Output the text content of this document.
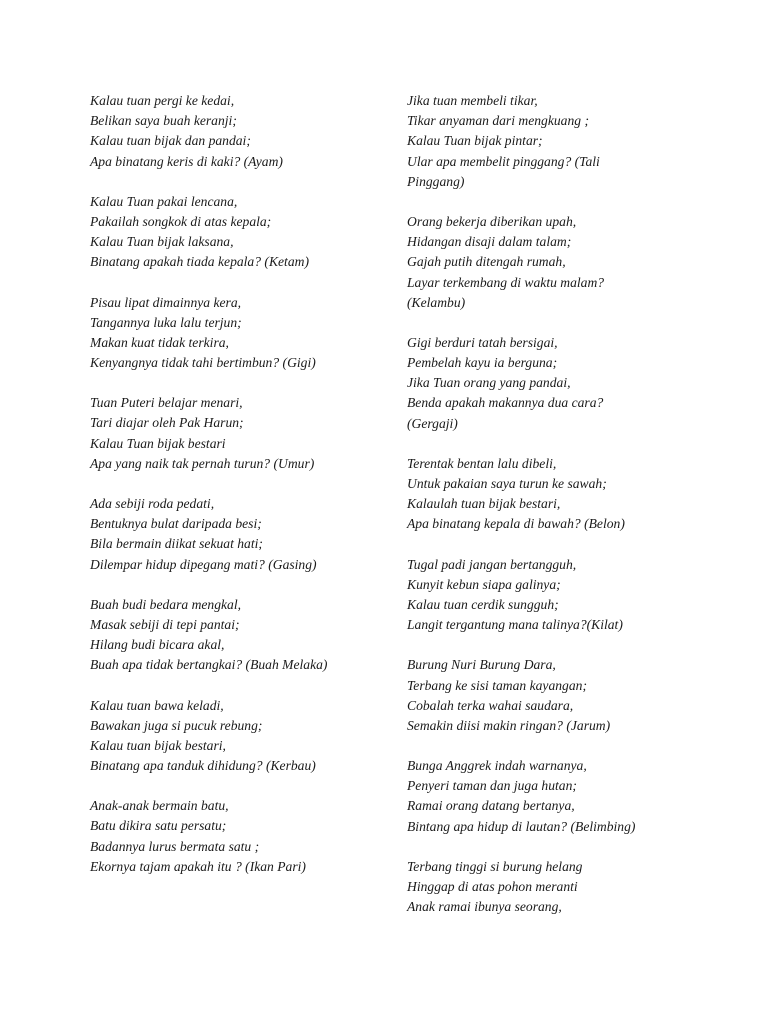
Kalau tuan pergi ke kedai,
Belikan saya buah keranji;
Kalau tuan bijak dan pandai;
Apa binatang keris di kaki? (Ayam)
Kalau Tuan pakai lencana,
Pakailah songkok di atas kepala;
Kalau Tuan bijak laksana,
Binatang apakah tiada kepala? (Ketam)
Pisau lipat dimainnya kera,
Tangannya luka lalu terjun;
Makan kuat tidak terkira,
Kenyangnya tidak tahi bertimbun? (Gigi)
Tuan Puteri belajar menari,
Tari diajar oleh Pak Harun;
Kalau Tuan bijak bestari
Apa yang naik tak pernah turun? (Umur)
Ada sebiji roda pedati,
Bentuknya bulat daripada besi;
Bila bermain diikat sekuat hati;
Dilempar hidup dipegang mati? (Gasing)
Buah budi bedara mengkal,
Masak sebiji di tepi pantai;
Hilang budi bicara akal,
Buah apa tidak bertangkai? (Buah Melaka)
Kalau tuan bawa keladi,
Bawakan juga si pucuk rebung;
Kalau tuan bijak bestari,
Binatang apa tanduk dihidung? (Kerbau)
Anak-anak bermain batu,
Batu dikira satu persatu;
Badannya lurus bermata satu ;
Ekornya tajam apakah itu ? (Ikan Pari)
Jika tuan membeli tikar,
Tikar anyaman dari mengkuang ;
Kalau Tuan bijak pintar;
Ular apa membelit pinggang? (Tali
Pinggang)
Orang bekerja diberikan upah,
Hidangan disaji dalam talam;
Gajah putih ditengah rumah,
Layar terkembang di waktu malam?
(Kelambu)
Gigi berduri tatah bersigai,
Pembelah kayu ia berguna;
Jika Tuan orang yang pandai,
Benda apakah makannya dua cara?
(Gergaji)
Terentak bentan lalu dibeli,
Untuk pakaian saya turun ke sawah;
Kalaulah tuan bijak bestari,
Apa binatang kepala di bawah? (Belon)
Tugal padi jangan bertangguh,
Kunyit kebun siapa galinya;
Kalau tuan cerdik sungguh;
Langit tergantung mana talinya?(Kilat)
Burung Nuri Burung Dara,
Terbang ke sisi taman kayangan;
Cobalah terka wahai saudara,
Semakin diisi makin ringan? (Jarum)
Bunga Anggrek indah warnanya,
Penyeri taman dan juga hutan;
Ramai orang datang bertanya,
Bintang apa hidup di lautan? (Belimbing)
Terbang tinggi si burung helang
Hinggap di atas pohon meranti
Anak ramai ibunya seorang,
